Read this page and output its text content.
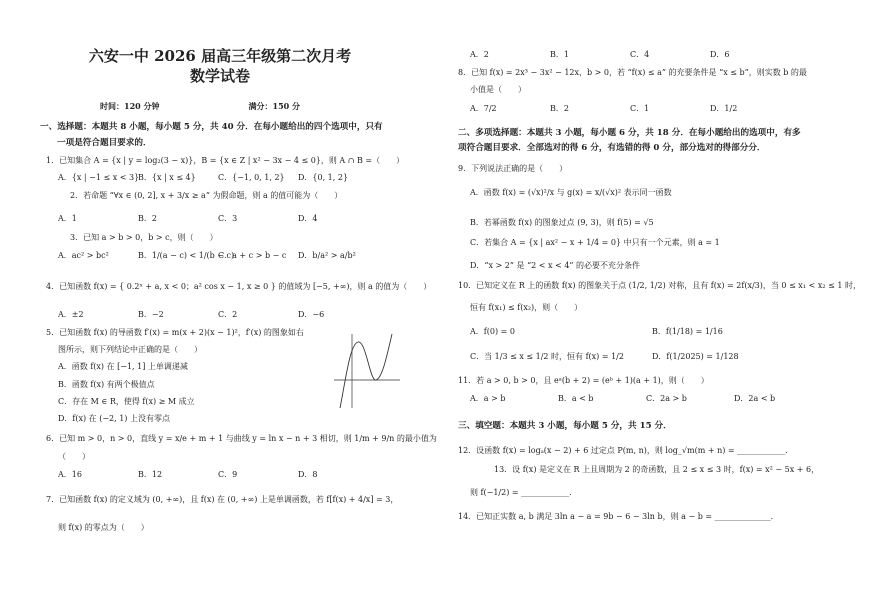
六安一中 2026 届高三年级第二次月考
数学试卷
时间：120 分钟	满分：150 分
一、选择题：本题共 8 小题，每小题 5 分，共 40 分．在每小题给出的四个选项中，只有
一项是符合题目要求的．
1．已知集合 A = {x | y = log₂(3 − x)}，B = {x ∈ Z | x² − 3x − 4 ≤ 0}，则 A ∩ B =（　　）
A．{x | −1 ≤ x < 3}
B．{x | x ≤ 4}	C．{−1, 0, 1, 2}	D．{0, 1, 2}
2．若命题 “∀x ∈ (0, 2], x + 3/x ≥ a” 为假命题，则 a 的值可能为（　　）
A．1	B．2	C．3	D．4
3．已知 a > b > 0，b > c，则（　　）
A．ac² > bc²	B．1/(a − c) < 1/(b − c)
C．a + c > b − c	D．b/a² > a/b²
4．已知函数 f(x) = { 0.2ˣ + a, x < 0；a² cos x − 1, x ≥ 0 } 的值域为 [−5, +∞)，则 a 的值为（　　）
A．±2	B．−2	C．2	D．−6
5．已知函数 f(x) 的导函数 f′(x) = m(x + 2)(x − 1)²，f′(x) 的图象如右
图所示，则下列结论中正确的是（　　）
A．函数 f(x) 在 [−1, 1] 上单调递减
B．函数 f(x) 有两个极值点
C．存在 M ∈ R，使得 f(x) ≥ M 成立
D．f(x) 在 (−2, 1) 上没有零点
6．已知 m > 0，n > 0，直线 y = x/e + m + 1 与曲线 y = ln x − n + 3 相切，则 1/m + 9/n 的最小值为
（　　）
A．16	B．12	C．9	D．8
7．已知函数 f(x) 的定义域为 (0, +∞)，且 f(x) 在 (0, +∞) 上是单调函数，若 f[f(x) + 4/x] = 3，
则 f(x) 的零点为（　　）
A．2	B．1	C．4	D．6
8．已知 f(x) = 2x³ − 3x² − 12x，b > 0，若 “f(x) ≤ a” 的充要条件是 “x ≤ b”，则实数 b 的最
小值是（　　）
A．7/2	B．2	C．1	D．1/2
二、多项选择题：本题共 3 小题，每小题 6 分，共 18 分．在每小题给出的选项中，有多
项符合题目要求．全部选对的得 6 分，有选错的得 0 分，部分选对的得部分分．
9．下列说法正确的是（　　）
A．函数 f(x) = (√x)²/x 与 g(x) = x/(√x)² 表示同一函数
B．若幂函数 f(x) 的图象过点 (9, 3)，则 f(5) = √5
C．若集合 A = {x | ax² − x + 1/4 = 0} 中只有一个元素，则 a = 1
D．“x > 2” 是 “2 < x < 4” 的必要不充分条件
10．已知定义在 R 上的函数 f(x) 的图象关于点 (1/2, 1/2) 对称，且有 f(x) = 2f(x/3)，当 0 ≤ x₁ < x₂ ≤ 1 时，
恒有 f(x₁) ≤ f(x₂)，则（　　）
A．f(0) = 0	B．f(1/18) = 1/16
C．当 1/3 ≤ x ≤ 1/2 时，恒有 f(x) = 1/2	D．f(1/2025) = 1/128
11．若 a > 0, b > 0，且 eᵃ(b + 2) = (eᵇ + 1)(a + 1)，则（　　）
A．a > b	B．a < b	C．2a > b	D．2a < b
三、填空题：本题共 3 小题，每小题 5 分，共 15 分．
12．设函数 f(x) = logₐ(x − 2) + 6 过定点 P(m, n)，则 log_√m(m + n) = ____________．
13．设 f(x) 是定义在 R 上且周期为 2 的奇函数，且 2 ≤ x ≤ 3 时，f(x) = x² − 5x + 6，
则 f(−1/2) = ____________．
14．已知正实数 a, b 满足 3ln a − a = 9b − 6 − 3ln b，则 a − b = ______________．
